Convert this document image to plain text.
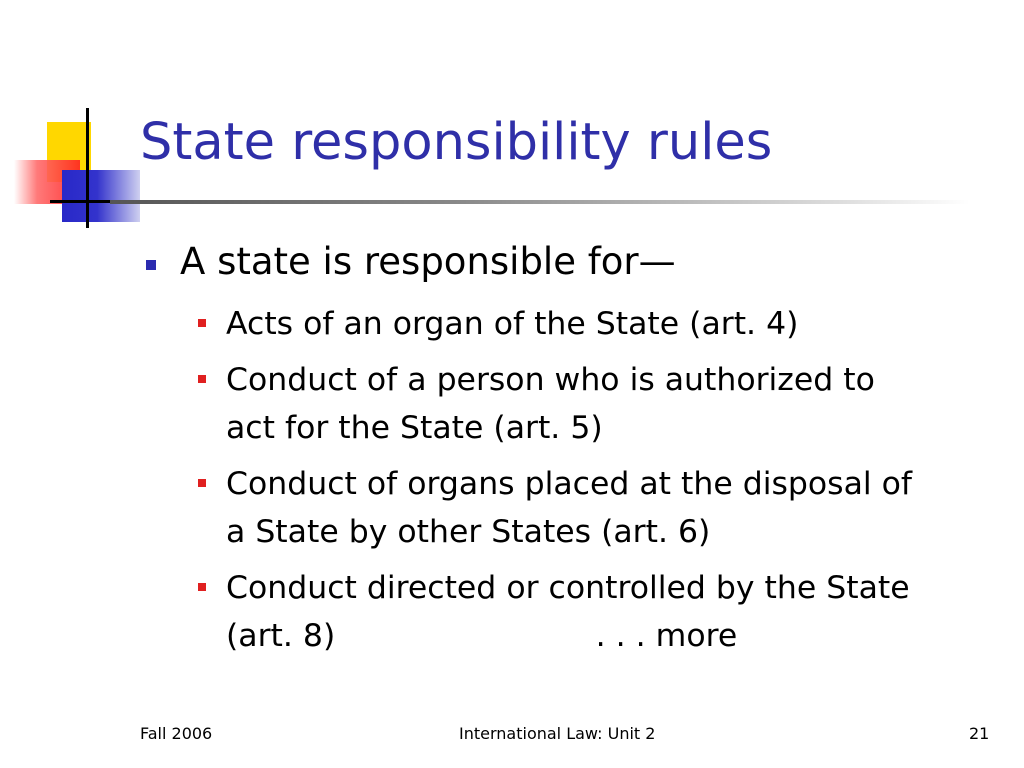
State responsibility rules
A state is responsible for—
Acts of an organ of the State (art. 4)
Conduct of a person who is authorized to
act for the State (art. 5)
Conduct of organs placed at the disposal of
a State by other States (art. 6)
Conduct directed or controlled by the State
(art. 8)                          . . . more
Fall 2006	International Law: Unit 2	21
